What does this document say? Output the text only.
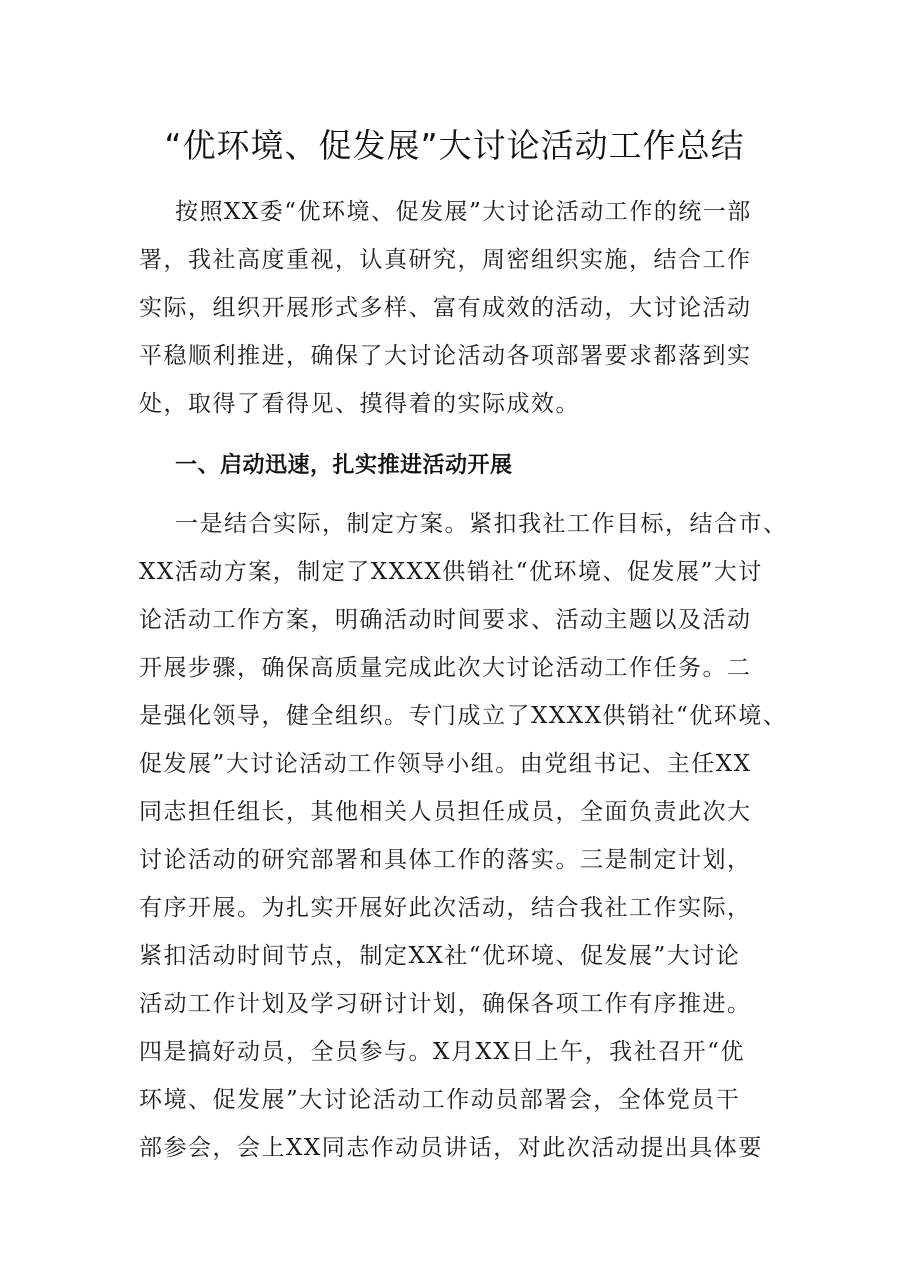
“优环境、促发展”大讨论活动工作总结
按照XX委“优环境、促发展”大讨论活动工作的统一部
署，我社高度重视，认真研究，周密组织实施，结合工作
实际，组织开展形式多样、富有成效的活动，大讨论活动
平稳顺利推进，确保了大讨论活动各项部署要求都落到实
处，取得了看得见、摸得着的实际成效。
一、启动迅速，扎实推进活动开展
一是结合实际，制定方案。紧扣我社工作目标，结合市、
XX活动方案，制定了XXXX供销社“优环境、促发展”大讨
论活动工作方案，明确活动时间要求、活动主题以及活动
开展步骤，确保高质量完成此次大讨论活动工作任务。二
是强化领导，健全组织。专门成立了XXXX供销社“优环境、
促发展”大讨论活动工作领导小组。由党组书记、主任XX
同志担任组长，其他相关人员担任成员，全面负责此次大
讨论活动的研究部署和具体工作的落实。三是制定计划，
有序开展。为扎实开展好此次活动，结合我社工作实际，
紧扣活动时间节点，制定XX社“优环境、促发展”大讨论
活动工作计划及学习研讨计划，确保各项工作有序推进。
四是搞好动员，全员参与。X月XX日上午，我社召开“优
环境、促发展”大讨论活动工作动员部署会，全体党员干
部参会，会上XX同志作动员讲话，对此次活动提出具体要
